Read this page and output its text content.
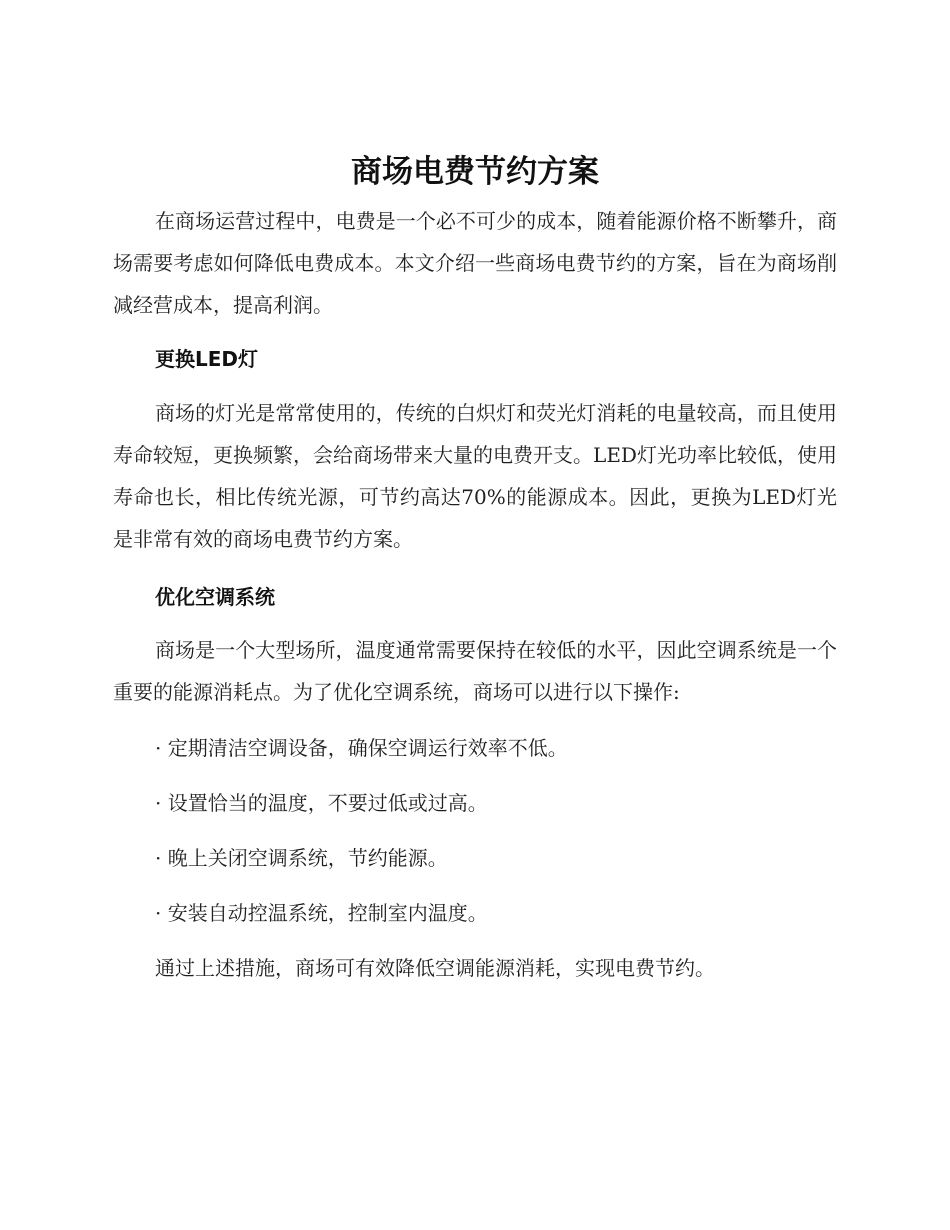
商场电费节约方案

在商场运营过程中，电费是一个必不可少的成本，随着能源价格不断攀升，商场需要考虑如何降低电费成本。本文介绍一些商场电费节约的方案，旨在为商场削减经营成本，提高利润。

更换LED灯

商场的灯光是常常使用的，传统的白炽灯和荧光灯消耗的电量较高，而且使用寿命较短，更换频繁，会给商场带来大量的电费开支。LED灯光功率比较低，使用寿命也长，相比传统光源，可节约高达70%的能源成本。因此，更换为LED灯光是非常有效的商场电费节约方案。

优化空调系统

商场是一个大型场所，温度通常需要保持在较低的水平，因此空调系统是一个重要的能源消耗点。为了优化空调系统，商场可以进行以下操作:

· 定期清洁空调设备，确保空调运行效率不低。

· 设置恰当的温度，不要过低或过高。

· 晚上关闭空调系统，节约能源。

· 安装自动控温系统，控制室内温度。

通过上述措施，商场可有效降低空调能源消耗，实现电费节约。
